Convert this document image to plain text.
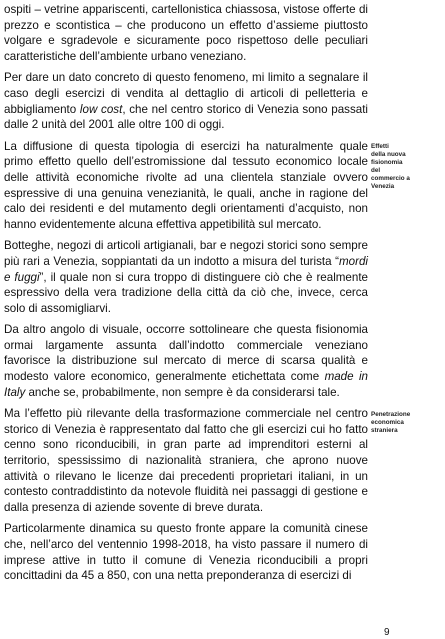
ospiti – vetrine appariscenti, cartellonistica chiassosa, vistose offerte di prezzo e scontistica – che producono un effetto d’assieme piuttosto volgare e sgradevole e sicuramente poco rispettoso delle peculiari caratteristiche dell’ambiente urbano veneziano.

Per dare un dato concreto di questo fenomeno, mi limito a segnalare il caso degli esercizi di vendita al dettaglio di articoli di pelletteria e abbigliamento low cost, che nel centro storico di Venezia sono passati dalle 2 unità del 2001 alle oltre 100 di oggi.

La diffusione di questa tipologia di esercizi ha naturalmente quale primo effetto quello dell’estromissione dal tessuto economico locale delle attività economiche rivolte ad una clientela stanziale ovvero espressive di una genuina venezianità, le quali, anche in ragione del calo dei residenti e del mutamento degli orientamenti d’acquisto, non hanno evidentemente alcuna effettiva appetibilità sul mercato.

Botteghe, negozi di articoli artigianali, bar e negozi storici sono sempre più rari a Venezia, soppiantati da un indotto a misura del turista “mordi e fuggi”, il quale non si cura troppo di distinguere ciò che è realmente espressivo della vera tradizione della città da ciò che, invece, cerca solo di assomigliarvi.

Da altro angolo di visuale, occorre sottolineare che questa fisionomia ormai largamente assunta dall’indotto commerciale veneziano favorisce la distribuzione sul mercato di merce di scarsa qualità e modesto valore economico, generalmente etichettata come made in Italy anche se, probabilmente, non sempre è da considerarsi tale.

Ma l’effetto più rilevante della trasformazione commerciale nel centro storico di Venezia è rappresentato dal fatto che gli esercizi cui ho fatto cenno sono riconducibili, in gran parte ad imprenditori esterni al territorio, spessissimo di nazionalità straniera, che aprono nuove attività o rilevano le licenze dai precedenti proprietari italiani, in un contesto contraddistinto da notevole fluidità nei passaggi di gestione e dalla presenza di aziende sovente di breve durata.

Particolarmente dinamica su questo fronte appare la comunità cinese che, nell’arco del ventennio 1998-2018, ha visto passare il numero di imprese attive in tutto il comune di Venezia riconducibili a propri concittadini da 45 a 850, con una netta preponderanza di esercizi di

Effetti
della nuova
fisionomia
del
commercio a
Venezia
Penetrazione
economica
straniera
9
